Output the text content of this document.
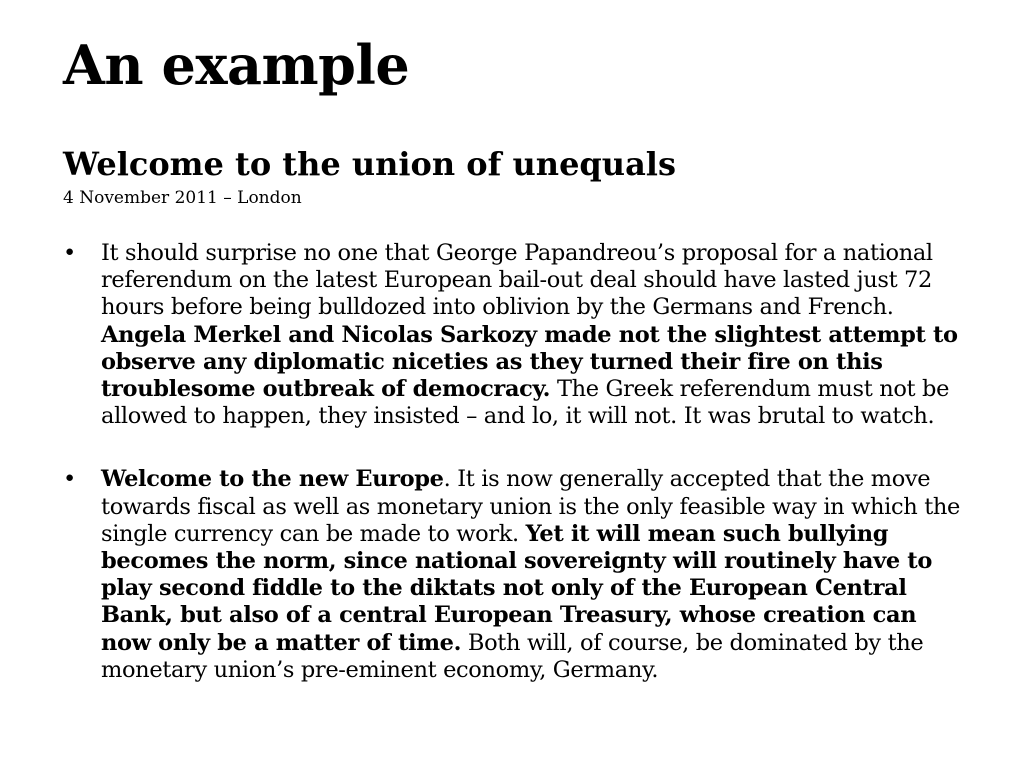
An example
Welcome to the union of unequals

4 November 2011 – London

• It should surprise no one that George Papandreou’s proposal for a national referendum on the latest European bail-out deal should have lasted just 72 hours before being bulldozed into oblivion by the Germans and French. Angela Merkel and Nicolas Sarkozy made not the slightest attempt to observe any diplomatic niceties as they turned their fire on this troublesome outbreak of democracy. The Greek referendum must not be allowed to happen, they insisted – and lo, it will not. It was brutal to watch.
• Welcome to the new Europe. It is now generally accepted that the move towards fiscal as well as monetary union is the only feasible way in which the single currency can be made to work. Yet it will mean such bullying becomes the norm, since national sovereignty will routinely have to play second fiddle to the diktats not only of the European Central Bank, but also of a central European Treasury, whose creation can now only be a matter of time. Both will, of course, be dominated by the monetary union’s pre-eminent economy, Germany.
